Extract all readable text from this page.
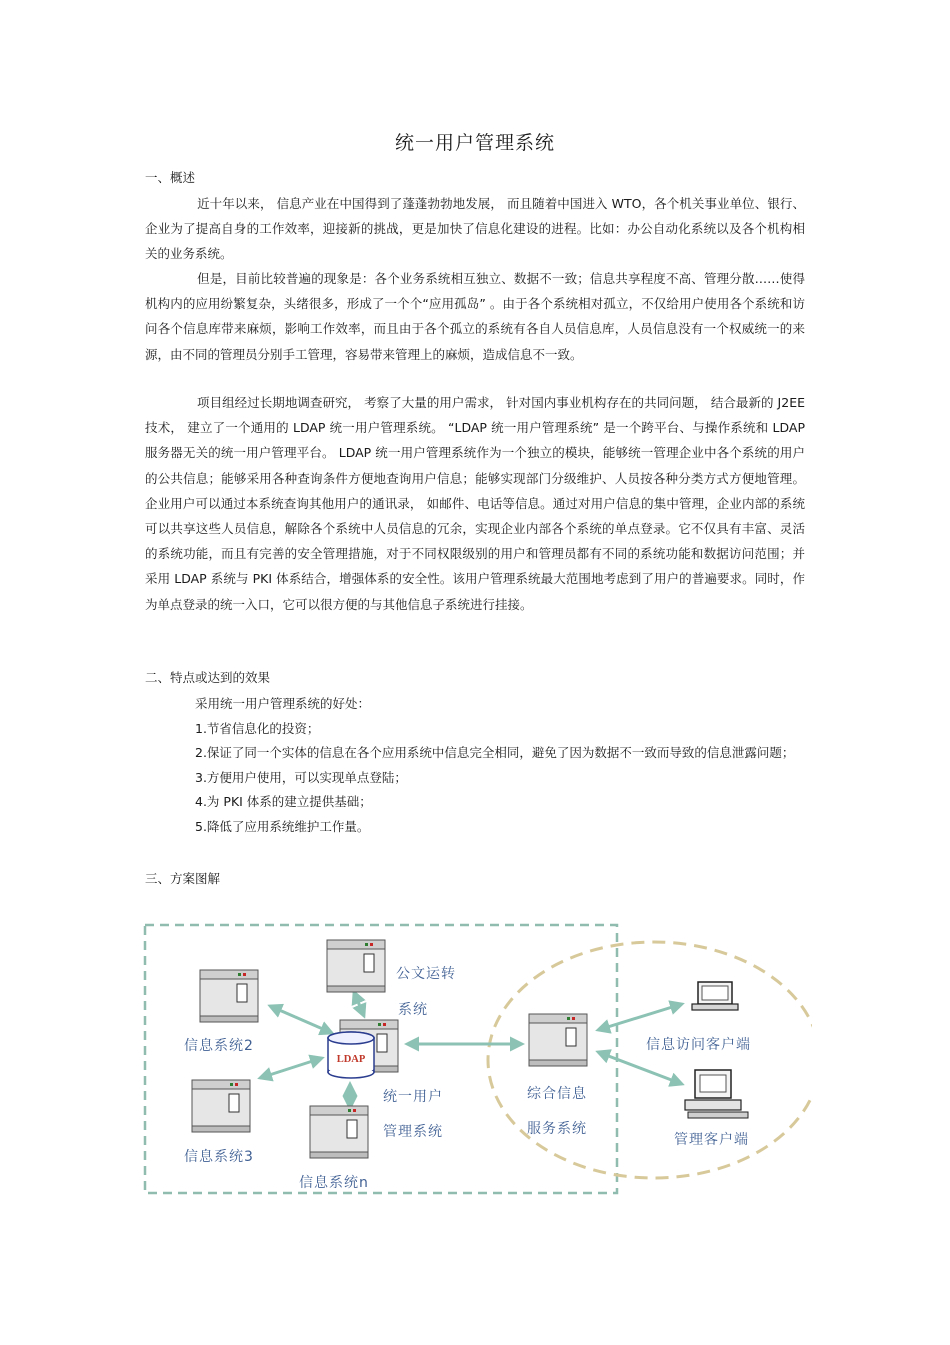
统一用户管理系统
一、概述
近十年以来， 信息产业在中国得到了蓬蓬勃勃地发展， 而且随着中国进入 WTO，各个机关事业单位、银行、企业为了提高自身的工作效率，迎接新的挑战，更是加快了信息化建设的进程。比如：办公自动化系统以及各个机构相关的业务系统。
但是，目前比较普遍的现象是：各个业务系统相互独立、数据不一致；信息共享程度不高、管理分散……使得机构内的应用纷繁复杂，头绪很多，形成了一个个“应用孤岛” 。由于各个系统相对孤立，不仅给用户使用各个系统和访问各个信息库带来麻烦，影响工作效率，而且由于各个孤立的系统有各自人员信息库，人员信息没有一个权威统一的来源，由不同的管理员分别手工管理，容易带来管理上的麻烦，造成信息不一致。
项目组经过长期地调查研究， 考察了大量的用户需求， 针对国内事业机构存在的共同问题， 结合最新的 J2EE 技术， 建立了一个通用的 LDAP 统一用户管理系统。 “LDAP 统一用户管理系统” 是一个跨平台、与操作系统和 LDAP 服务器无关的统一用户管理平台。 LDAP 统一用户管理系统作为一个独立的模块，能够统一管理企业中各个系统的用户的公共信息；能够采用各种查询条件方便地查询用户信息；能够实现部门分级维护、人员按各种分类方式方便地管理。 企业用户可以通过本系统查询其他用户的通讯录， 如邮件、电话等信息。通过对用户信息的集中管理，企业内部的系统可以共享这些人员信息，解除各个系统中人员信息的冗余，实现企业内部各个系统的单点登录。它不仅具有丰富、灵活的系统功能，而且有完善的安全管理措施，对于不同权限级别的用户和管理员都有不同的系统功能和数据访问范围；并采用 LDAP 系统与 PKI 体系结合，增强体系的安全性。该用户管理系统最大范围地考虑到了用户的普遍要求。同时，作为单点登录的统一入口，它可以很方便的与其他信息子系统进行挂接。
二、特点或达到的效果
采用统一用户管理系统的好处：
1.节省信息化的投资；
2.保证了同一个实体的信息在各个应用系统中信息完全相同，避免了因为数据不一致而导致的信息泄露问题；
3.方便用户使用，可以实现单点登陆；
4.为 PKI 体系的建立提供基础；
5.降低了应用系统维护工作量。
三、方案图解
LDAP
公文运转
系统
信息系统2
信息系统3
信息系统n
统一用户
管理系统
综合信息
服务系统
信息访问客户端
管理客户端
